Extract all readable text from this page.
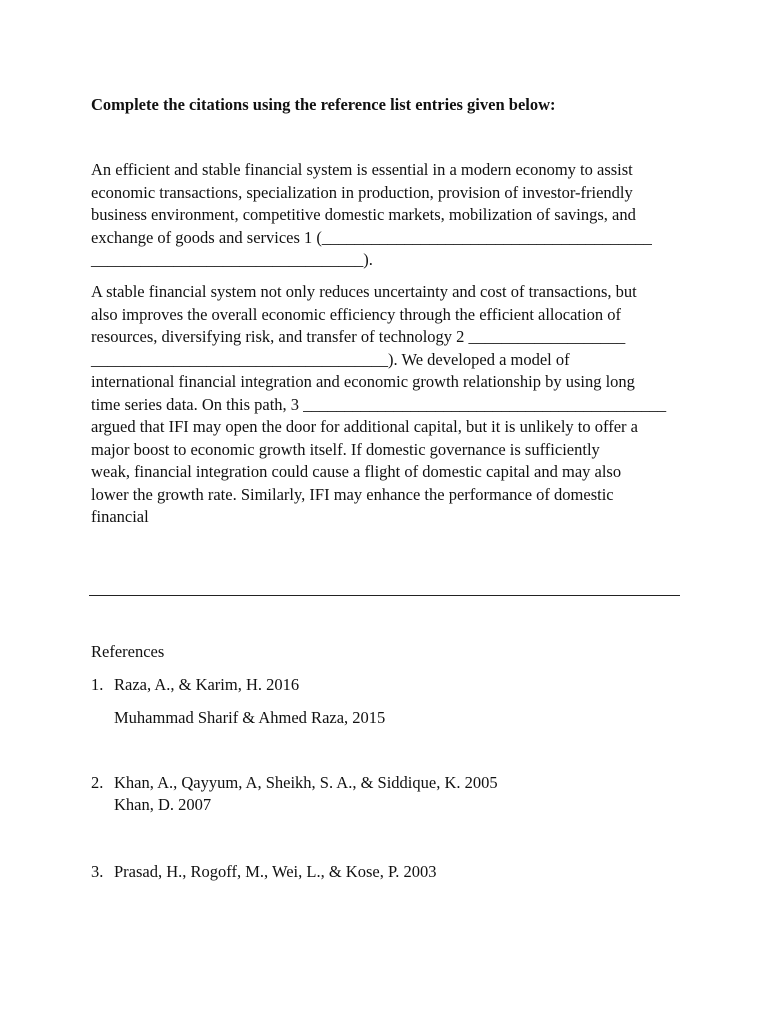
Complete the citations using the reference list entries given below:

An efficient and stable financial system is essential in a modern economy to assist
economic transactions, specialization in production, provision of investor-friendly
business environment, competitive domestic markets, mobilization of savings, and
exchange of goods and services 1 (________________________________________
_________________________________).

A stable financial system not only reduces uncertainty and cost of transactions, but
also improves the overall economic efficiency through the efficient allocation of
resources, diversifying risk, and transfer of technology 2 ___________________
____________________________________). We developed a model of
international financial integration and economic growth relationship by using long
time series data. On this path, 3 ____________________________________________
argued that IFI may open the door for additional capital, but it is unlikely to offer a
major boost to economic growth itself. If domestic governance is sufficiently
weak, financial integration could cause a flight of domestic capital and may also
lower the growth rate. Similarly, IFI may enhance the performance of domestic
financial

References
1. Raza, A., & Karim, H. 2016
Muhammad Sharif & Ahmed Raza, 2015
2. Khan, A., Qayyum, A, Sheikh, S. A., & Siddique, K. 2005
Khan, D. 2007
3. Prasad, H., Rogoff, M., Wei, L., & Kose, P. 2003
